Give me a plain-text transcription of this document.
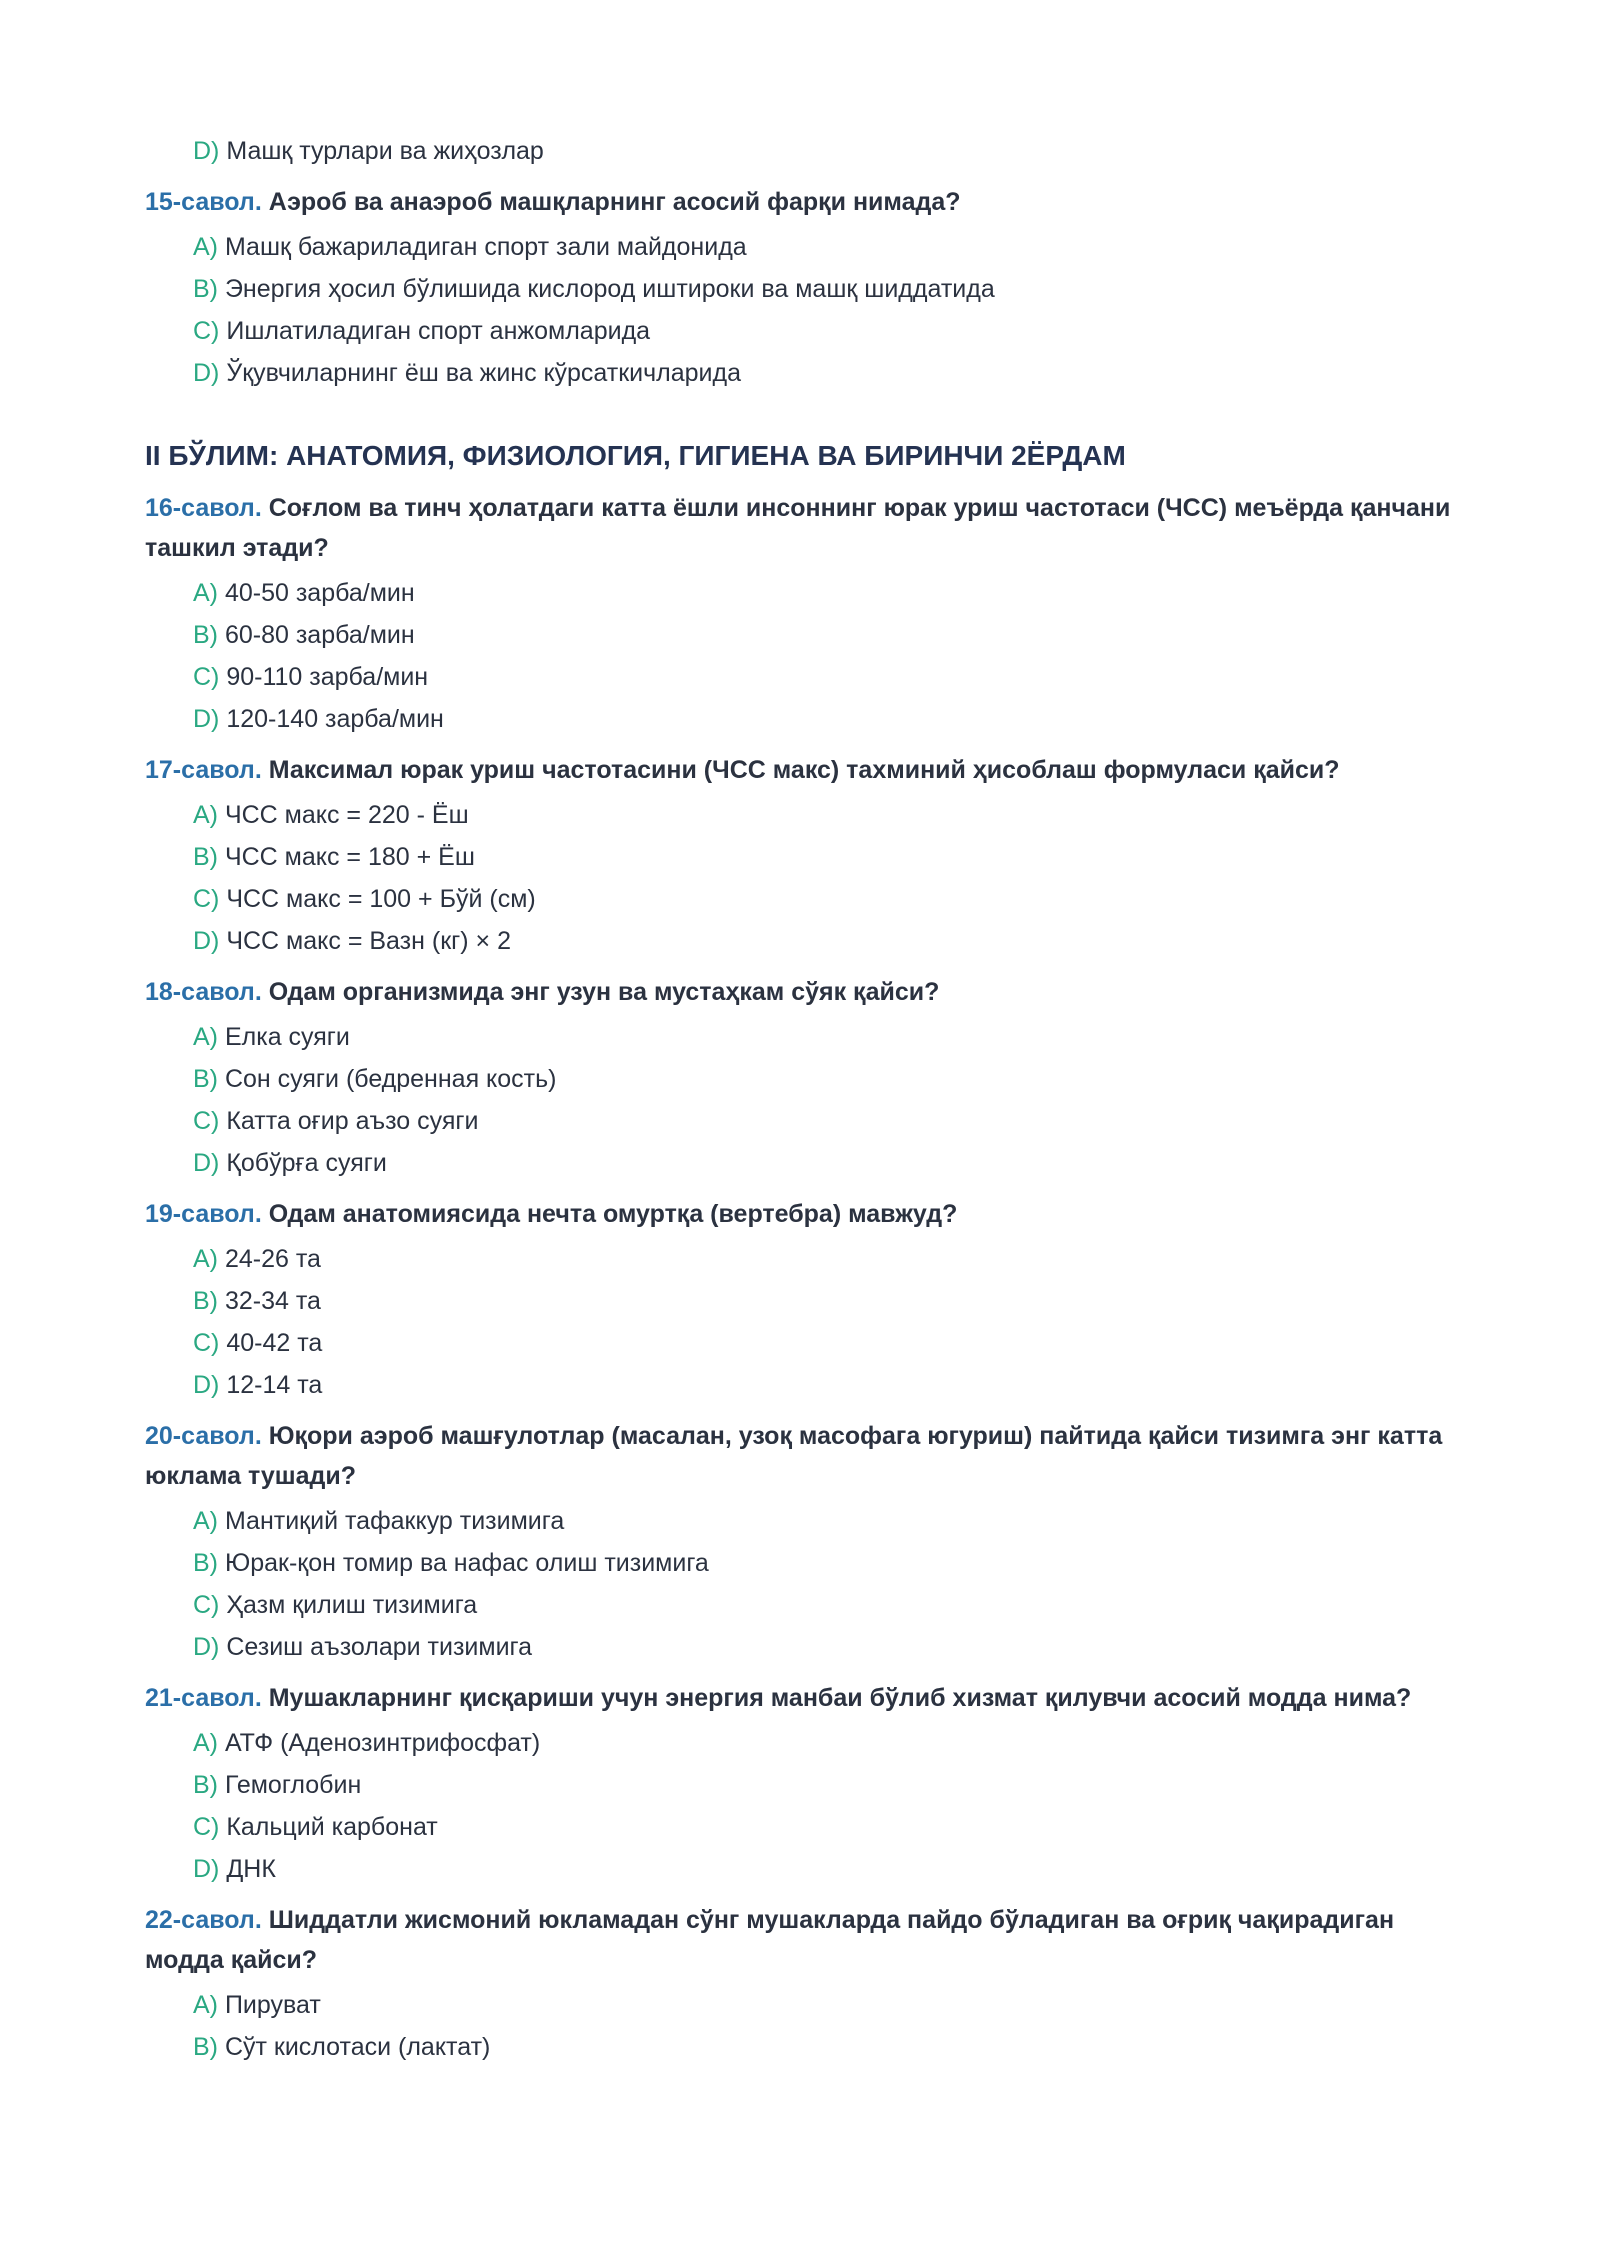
D) Машқ турлари ва жиҳозлар
15-савол. Аэроб ва анаэроб машқларнинг асосий фарқи нимада?
A) Машқ бажариладиган спорт зали майдонида
B) Энергия ҳосил бўлишида кислород иштироки ва машқ шиддатида
C) Ишлатиладиган спорт анжомларида
D) Ўқувчиларнинг ёш ва жинс кўрсаткичларида
II БЎЛИМ: АНАТОМИЯ, ФИЗИОЛОГИЯ, ГИГИЕНА ВА БИРИНЧИ 2ЁРДАМ
16-савол. Соғлом ва тинч ҳолатдаги катта ёшли инсоннинг юрак уриш частотаси (ЧСС) меъёрда қанчани ташкил этади?
A) 40-50 зарба/мин
B) 60-80 зарба/мин
C) 90-110 зарба/мин
D) 120-140 зарба/мин
17-савол. Максимал юрак уриш частотасини (ЧСС макс) тахминий ҳисоблаш формуласи қайси?
A) ЧСС макс = 220 - Ёш
B) ЧСС макс = 180 + Ёш
C) ЧСС макс = 100 + Бўй (см)
D) ЧСС макс = Вазн (кг) × 2
18-савол. Одам организмида энг узун ва мустаҳкам сўяк қайси?
A) Елка суяги
B) Сон суяги (бедренная кость)
C) Катта оғир аъзо суяги
D) Қобўрға суяги
19-савол. Одам анатомиясида нечта омуртқа (вертебра) мавжуд?
A) 24-26 та
B) 32-34 та
C) 40-42 та
D) 12-14 та
20-савол. Юқори аэроб машғулотлар (масалан, узоқ масофага югуриш) пайтида қайси тизимга энг катта юклама тушади?
A) Мантиқий тафаккур тизимига
B) Юрак-қон томир ва нафас олиш тизимига
C) Ҳазм қилиш тизимига
D) Сезиш аъзолари тизимига
21-савол. Мушакларнинг қисқариши учун энергия манбаи бўлиб хизмат қилувчи асосий модда нима?
A) АТФ (Аденозинтрифосфат)
B) Гемоглобин
C) Кальций карбонат
D) ДНК
22-савол. Шиддатли жисмоний юкламадан сўнг мушакларда пайдо бўладиган ва оғриқ чақирадиган модда қайси?
A) Пируват
B) Сўт кислотаси (лактат)
